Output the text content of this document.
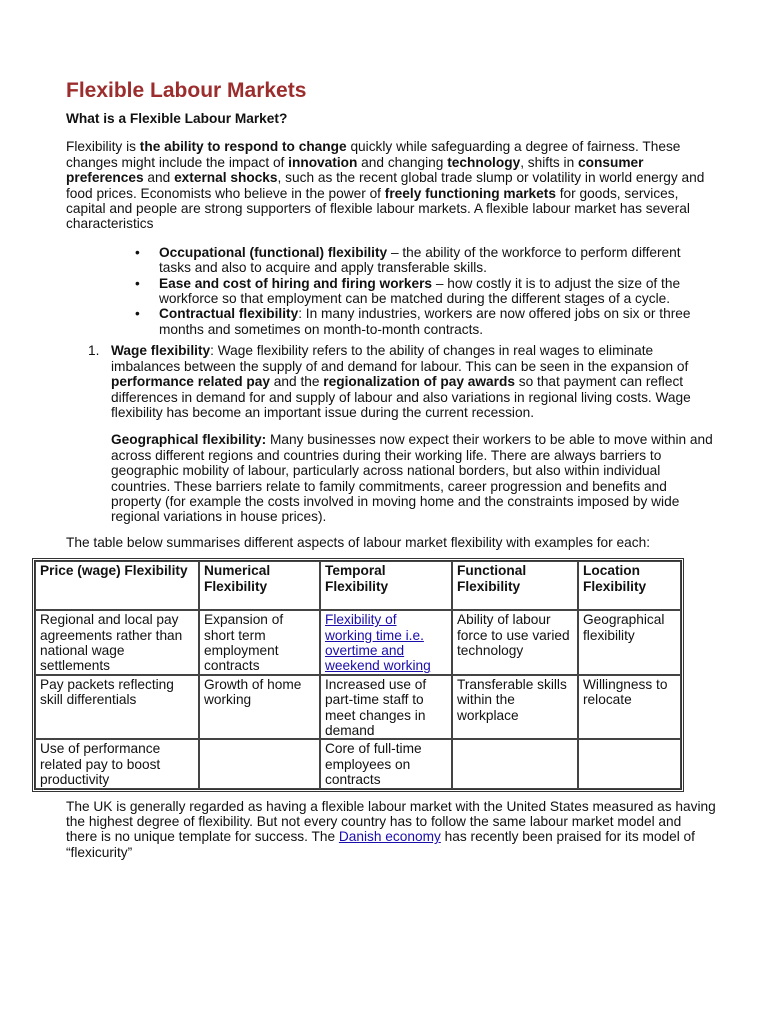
Flexible Labour Markets

What is a Flexible Labour Market?

Flexibility is the ability to respond to change quickly while safeguarding a degree of fairness. These changes might include the impact of innovation and changing technology, shifts in consumer preferences and external shocks, such as the recent global trade slump or volatility in world energy and food prices. Economists who believe in the power of freely functioning markets for goods, services, capital and people are strong supporters of flexible labour markets. A flexible labour market has several characteristics

• Occupational (functional) flexibility – the ability of the workforce to perform different tasks and also to acquire and apply transferable skills.
• Ease and cost of hiring and firing workers – how costly it is to adjust the size of the workforce so that employment can be matched during the different stages of a cycle.
• Contractual flexibility: In many industries, workers are now offered jobs on six or three months and sometimes on month-to-month contracts.

1. Wage flexibility: Wage flexibility refers to the ability of changes in real wages to eliminate imbalances between the supply of and demand for labour. This can be seen in the expansion of performance related pay and the regionalization of pay awards so that payment can reflect differences in demand for and supply of labour and also variations in regional living costs. Wage flexibility has become an important issue during the current recession.

Geographical flexibility: Many businesses now expect their workers to be able to move within and across different regions and countries during their working life. There are always barriers to geographic mobility of labour, particularly across national borders, but also within individual countries. These barriers relate to family commitments, career progression and benefits and property (for example the costs involved in moving home and the constraints imposed by wide regional variations in house prices).

The table below summarises different aspects of labour market flexibility with examples for each:

Price (wage) Flexibility	Numerical Flexibility	Temporal Flexibility	Functional Flexibility	Location Flexibility
Regional and local pay agreements rather than national wage settlements	Expansion of short term employment contracts	Flexibility of working time i.e. overtime and weekend working	Ability of labour force to use varied technology	Geographical flexibility
Pay packets reflecting skill differentials	Growth of home working	Increased use of part-time staff to meet changes in demand	Transferable skills within the workplace	Willingness to relocate
Use of performance related pay to boost productivity		Core of full-time employees on contracts		

The UK is generally regarded as having a flexible labour market with the United States measured as having the highest degree of flexibility. But not every country has to follow the same labour market model and there is no unique template for success. The Danish economy has recently been praised for its model of “flexicurity”
